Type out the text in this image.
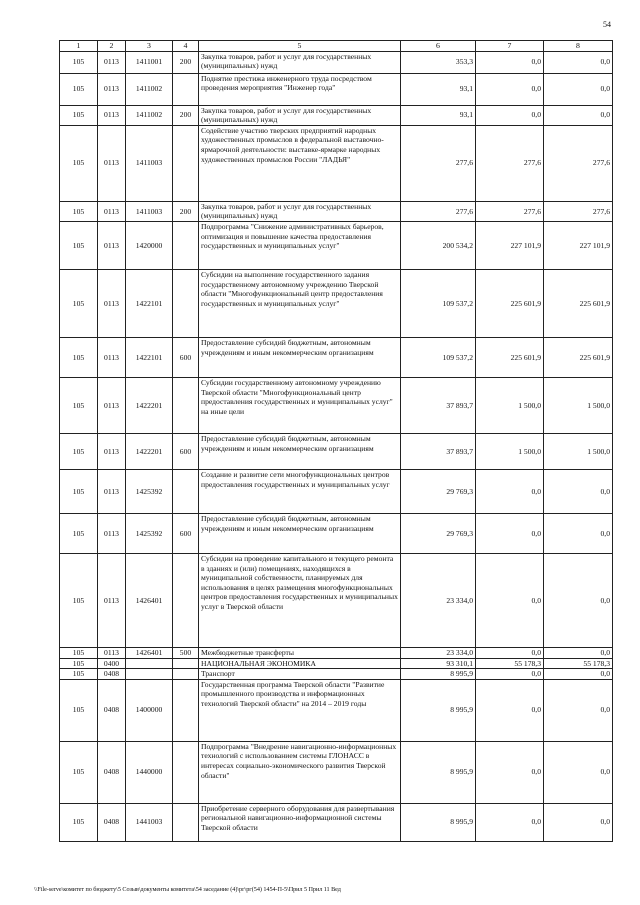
54
1	2	3	4	5	6	7	8
105	0113	1411001	200	Закупка товаров, работ и услуг для государственных (муниципальных) нужд	353,3	0,0	0,0
105	0113	1411002		Поднятие престижа инженерного труда посредством проведения мероприятия "Инженер года"	93,1	0,0	0,0
105	0113	1411002	200	Закупка товаров, работ и услуг для государственных (муниципальных) нужд	93,1	0,0	0,0
105	0113	1411003		Содействие участию тверских предприятий народных художественных промыслов в федеральной выставочно-ярмарочной деятельности: выставке-ярмарке народных художественных промыслов России "ЛАДЬЯ"	277,6	277,6	277,6
105	0113	1411003	200	Закупка товаров, работ и услуг для государственных (муниципальных) нужд	277,6	277,6	277,6
105	0113	1420000		Подпрограмма "Снижение административных барьеров, оптимизация и повышение качества предоставления государственных и муниципальных услуг"	200 534,2	227 101,9	227 101,9
105	0113	1422101		Субсидии на выполнение государственного задания государственному автономному учреждению Тверской области "Многофункциональный центр предоставления государственных и муниципальных услуг"	109 537,2	225 601,9	225 601,9
105	0113	1422101	600	Предоставление субсидий бюджетным, автономным учреждениям и иным некоммерческим организациям	109 537,2	225 601,9	225 601,9
105	0113	1422201		Субсидии государственному автономному учреждению Тверской области "Многофункциональный центр предоставления государственных и муниципальных услуг" на иные цели	37 893,7	1 500,0	1 500,0
105	0113	1422201	600	Предоставление субсидий бюджетным, автономным учреждениям и иным некоммерческим организациям	37 893,7	1 500,0	1 500,0
105	0113	1425392		Создание и развитие сети многофункциональных центров предоставления государственных и муниципальных услуг	29 769,3	0,0	0,0
105	0113	1425392	600	Предоставление субсидий бюджетным, автономным учреждениям и иным некоммерческим организациям	29 769,3	0,0	0,0
105	0113	1426401		Субсидии на проведение капитального и текущего ремонта в зданиях и (или) помещениях, находящихся в муниципальной собственности, планируемых для использования в целях размещения многофункциональных центров предоставления государственных и муниципальных услуг в Тверской области	23 334,0	0,0	0,0
105	0113	1426401	500	Межбюджетные трансферты	23 334,0	0,0	0,0
105	0400			НАЦИОНАЛЬНАЯ ЭКОНОМИКА	93 310,1	55 178,3	55 178,3
105	0408			Транспорт	8 995,9	0,0	0,0
105	0408	1400000		Государственная программа Тверской области "Развитие промышленного производства и информационных технологий Тверской области" на 2014 – 2019 годы	8 995,9	0,0	0,0
105	0408	1440000		Подпрограмма "Внедрение навигационно-информационных технологий с использованием системы ГЛОНАСС в интересах социально-экономического развития Тверской области"	8 995,9	0,0	0,0
105	0408	1441003		Приобретение серверного оборудования для развертывания региональной навигационно-информационной системы Тверской области	8 995,9	0,0	0,0
\\File-serve\комитет по бюджету\5 Созыв\документы комитета\54 заседание (4)\рг\рг(54) 1454-П-5\Прил 5 Прил 11 Вед
